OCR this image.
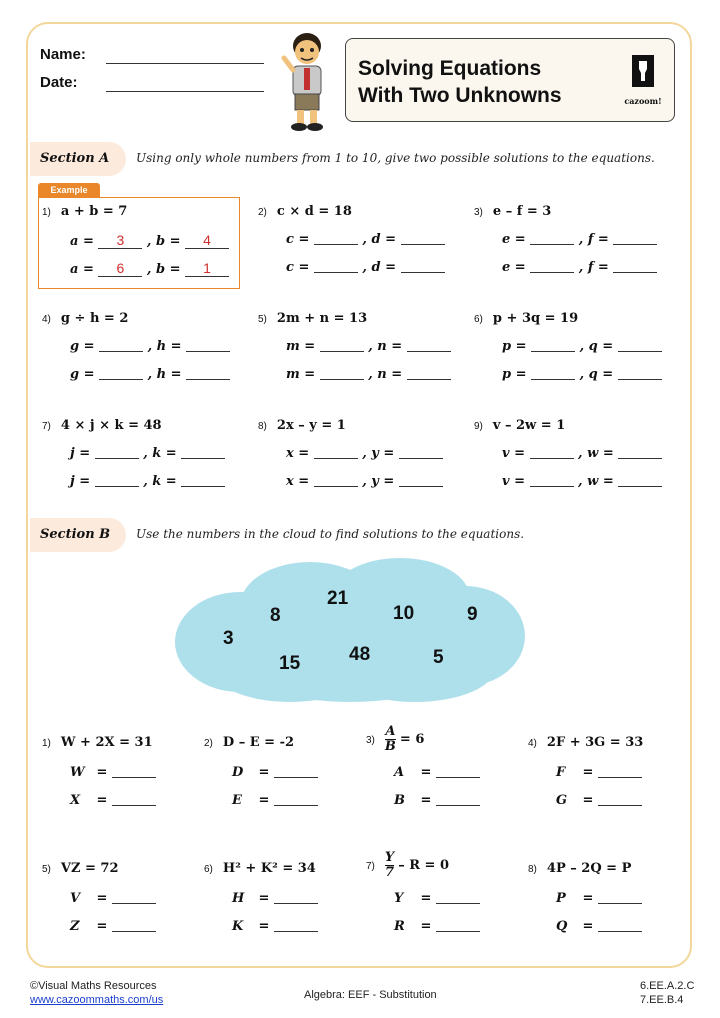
Name:
Date:
Solving Equations
With Two Unknowns	cazoom!
Section A Using only whole numbers from 1 to 10, give two possible solutions to the equations.
Example
1) a + b = 7
a = 3 , b = 4
a = 6 , b = 1
2) c × d = 18
c =	, d =
c =	, d =
3) e – f = 3
e =	, f =
e =	, f =
4) g ÷ h = 2
g =	, h =
g =	, h =
5) 2m + n = 13
m =	, n =
m =	, n =
6) p + 3q = 19
p =	, q =
p =	, q =
7) 4 × j × k = 48
j =	, k =
j =	, k =
8) 2x – y = 1
x =	, y =
x =	, y =
9) v – 2w = 1
v =	, w =
v =	, w =
Section B Use the numbers in the cloud to find solutions to the equations.
21
8	10	9
3
15	48	5
1) W + 2X = 31
W =
X =
2) D – E = -2
D =
E =
$3) \frac{A}{B} = 6$
A =
B =
4) 2F + 3G = 33
F =
G =
5) VZ = 72
V =
Z =
6) H² + K² = 34
H =
K =
$7) \frac{Y}{7} - R = 0$
Y =
R =
8) 4P – 2Q = P
P =
Q =
©Visual Maths Resources
www.cazoommaths.com/us	Algebra: EEF - Substitution
6.EE.A.2.C
7.EE.B.4
